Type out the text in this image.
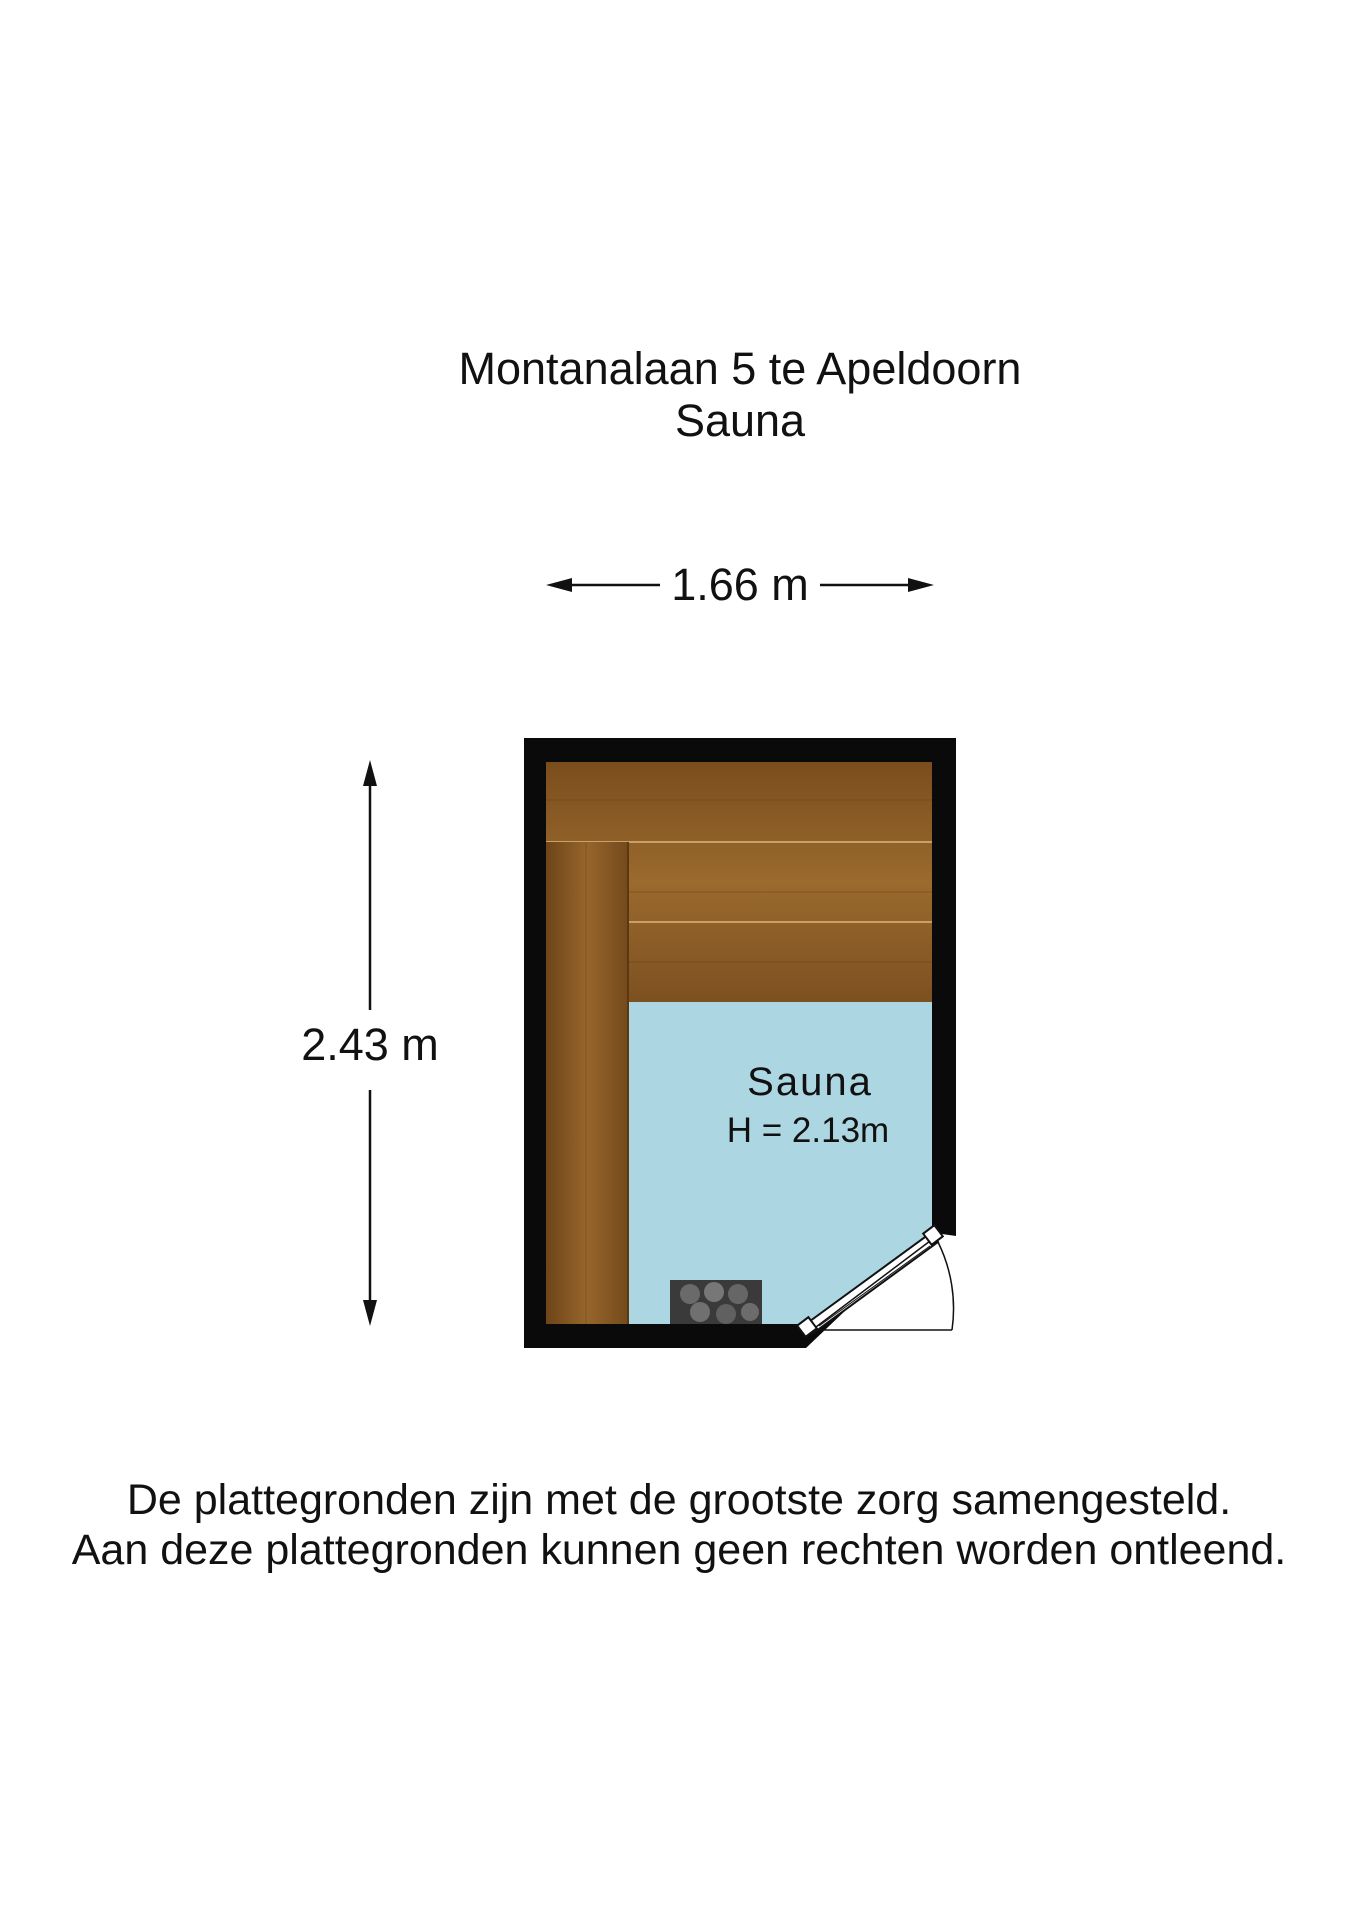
Montanalaan 5 te Apeldoorn
Sauna
1.66 m
2.43 m
Sauna
H = 2.13m
De plattegronden zijn met de grootste zorg samengesteld.
Aan deze plattegronden kunnen geen rechten worden ontleend.
